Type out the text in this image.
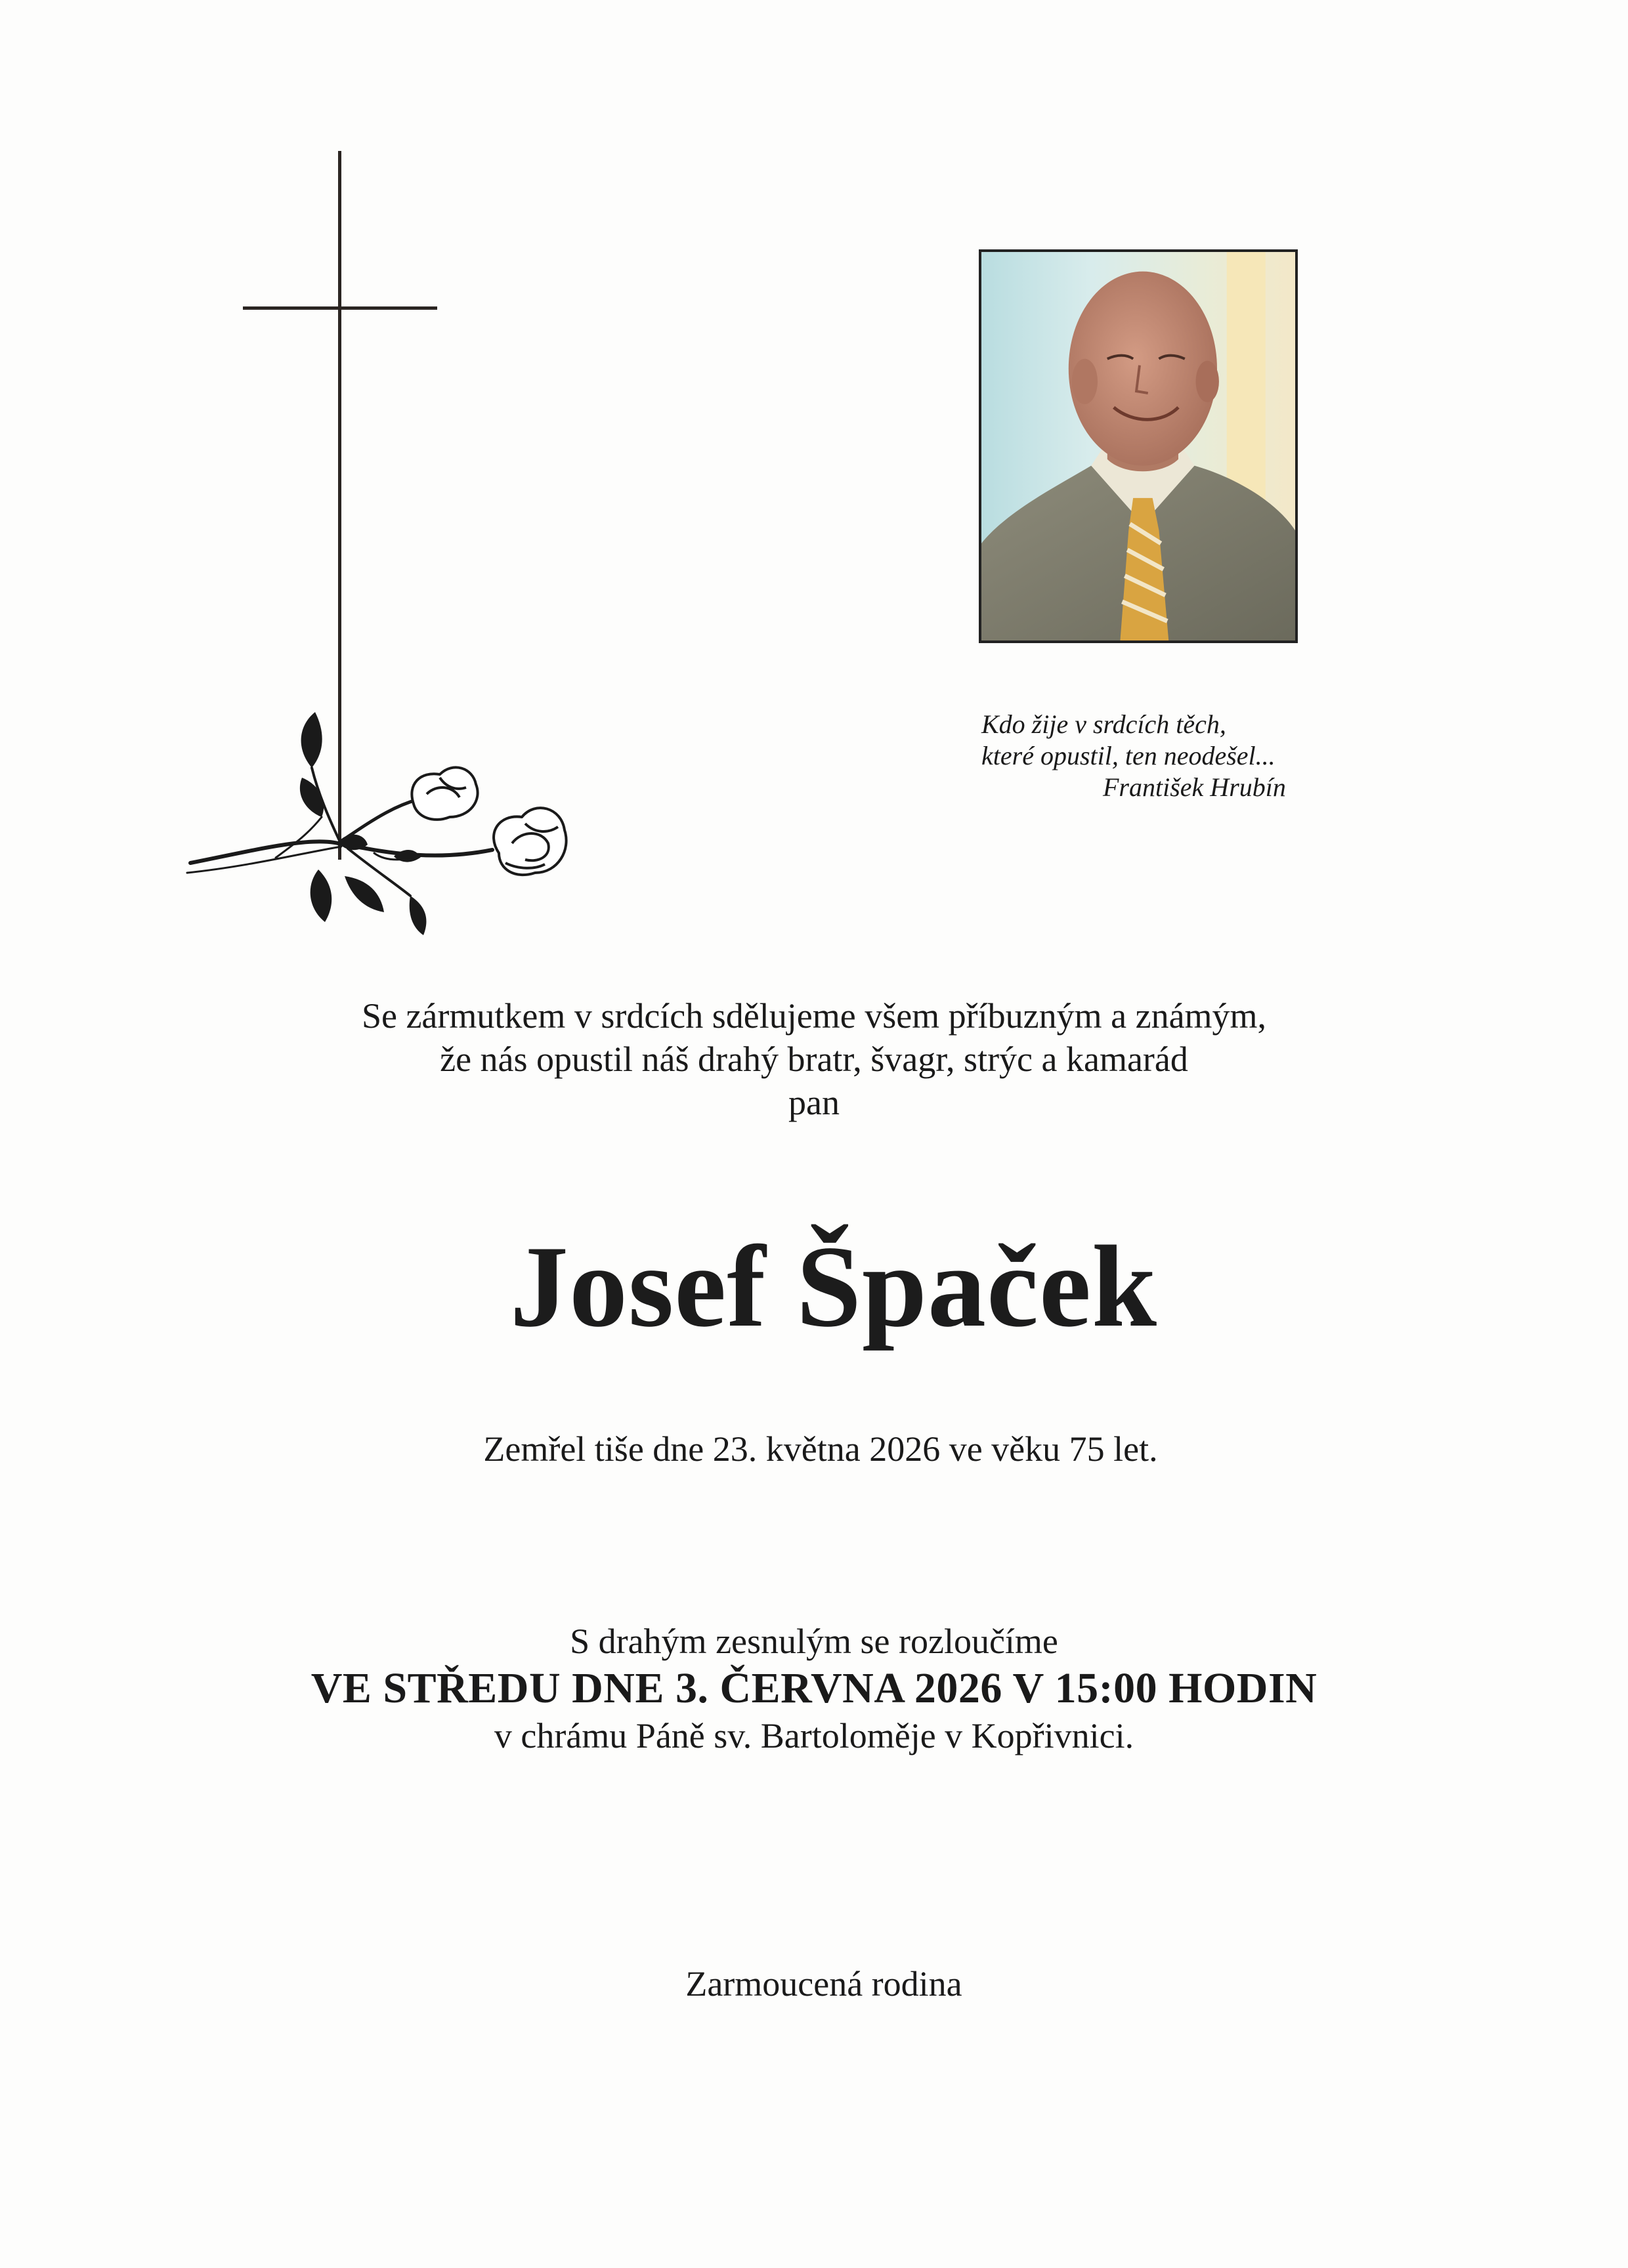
Kdo žije v srdcích těch,
které opustil, ten neodešel...
František Hrubín
Se zármutkem v srdcích sdělujeme všem příbuzným a známým,
že nás opustil náš drahý bratr, švagr, strýc a kamarád
pan
Josef Špaček
Zemřel tiše dne 23. května 2026 ve věku 75 let.
S drahým zesnulým se rozloučíme
VE STŘEDU DNE 3. ČERVNA 2026 V 15:00 HODIN
v chrámu Páně sv. Bartoloměje v Kopřivnici.
Zarmoucená rodina
